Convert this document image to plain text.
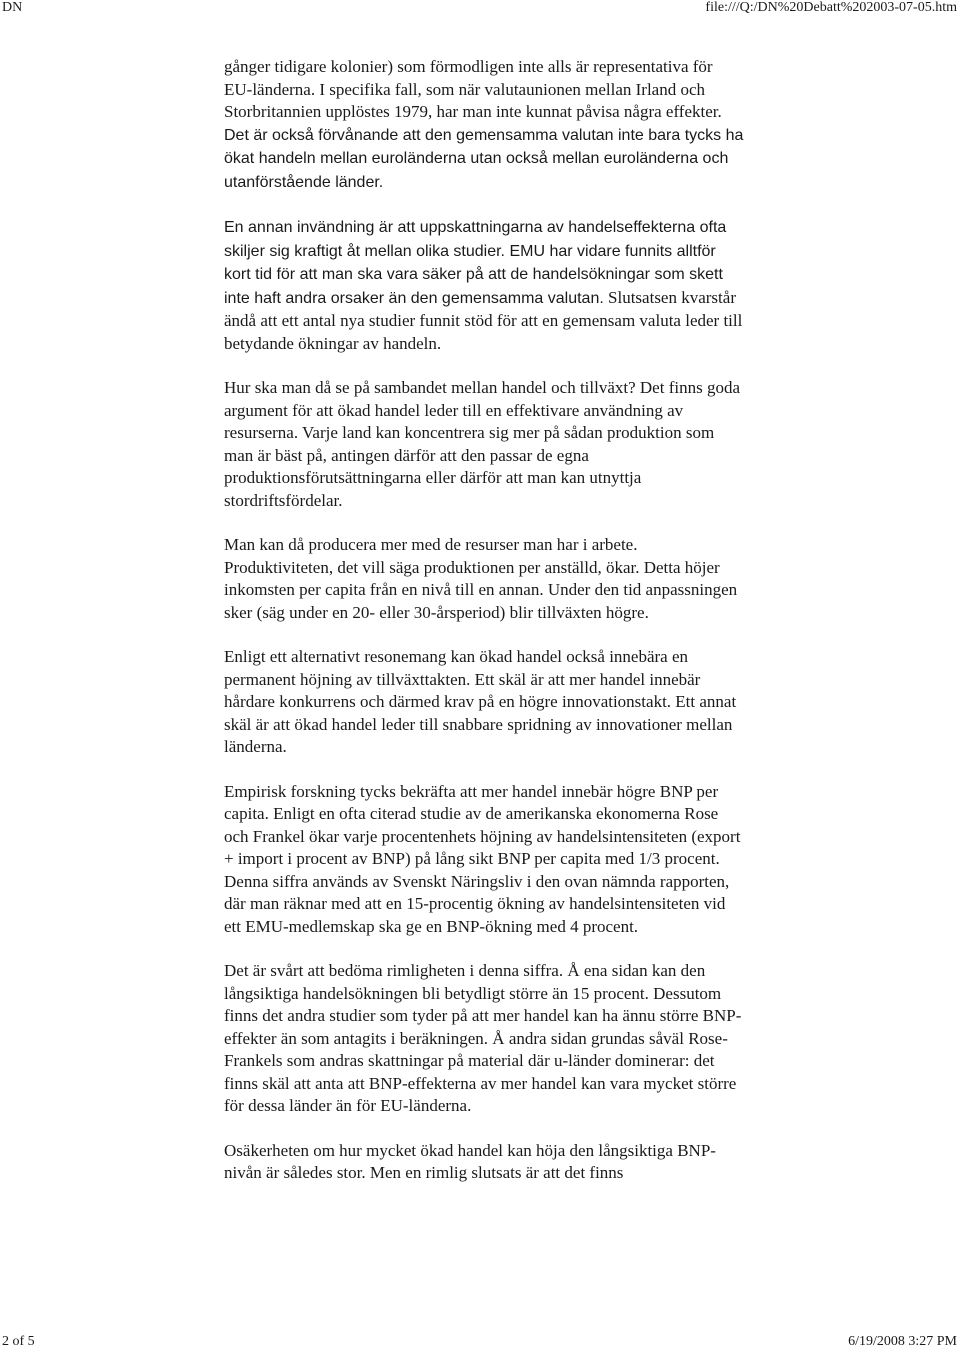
DN	file:///Q:/DN%20Debatt%202003-07-05.htm

gånger tidigare kolonier) som förmodligen inte alls är representativa för EU-länderna. I specifika fall, som när valutaunionen mellan Irland och Storbritannien upplöstes 1979, har man inte kunnat påvisa några effekter. Det är också förvånande att den gemensamma valutan inte bara tycks ha ökat handeln mellan euroländerna utan också mellan euroländerna och utanförstående länder.

En annan invändning är att uppskattningarna av handelseffekterna ofta skiljer sig kraftigt åt mellan olika studier. EMU har vidare funnits alltför kort tid för att man ska vara säker på att de handelsökningar som skett inte haft andra orsaker än den gemensamma valutan. Slutsatsen kvarstår ändå att ett antal nya studier funnit stöd för att en gemensam valuta leder till betydande ökningar av handeln.

Hur ska man då se på sambandet mellan handel och tillväxt? Det finns goda argument för att ökad handel leder till en effektivare användning av resurserna. Varje land kan koncentrera sig mer på sådan produktion som man är bäst på, antingen därför att den passar de egna produktionsförutsättningarna eller därför att man kan utnyttja stordriftsfördelar.

Man kan då producera mer med de resurser man har i arbete. Produktiviteten, det vill säga produktionen per anställd, ökar. Detta höjer inkomsten per capita från en nivå till en annan. Under den tid anpassningen sker (säg under en 20- eller 30-årsperiod) blir tillväxten högre.

Enligt ett alternativt resonemang kan ökad handel också innebära en permanent höjning av tillväxttakten. Ett skäl är att mer handel innebär hårdare konkurrens och därmed krav på en högre innovationstakt. Ett annat skäl är att ökad handel leder till snabbare spridning av innovationer mellan länderna.

Empirisk forskning tycks bekräfta att mer handel innebär högre BNP per capita. Enligt en ofta citerad studie av de amerikanska ekonomerna Rose och Frankel ökar varje procentenhets höjning av handelsintensiteten (export + import i procent av BNP) på lång sikt BNP per capita med 1/3 procent. Denna siffra används av Svenskt Näringsliv i den ovan nämnda rapporten, där man räknar med att en 15-procentig ökning av handelsintensiteten vid ett EMU-medlemskap ska ge en BNP-ökning med 4 procent.

Det är svårt att bedöma rimligheten i denna siffra. Å ena sidan kan den långsiktiga handelsökningen bli betydligt större än 15 procent. Dessutom finns det andra studier som tyder på att mer handel kan ha ännu större BNP-effekter än som antagits i beräkningen. Å andra sidan grundas såväl Rose-Frankels som andras skattningar på material där u-länder dominerar: det finns skäl att anta att BNP-effekterna av mer handel kan vara mycket större för dessa länder än för EU-länderna.

Osäkerheten om hur mycket ökad handel kan höja den långsiktiga BNP-nivån är således stor. Men en rimlig slutsats är att det finns

2 of 5	6/19/2008 3:27 PM
